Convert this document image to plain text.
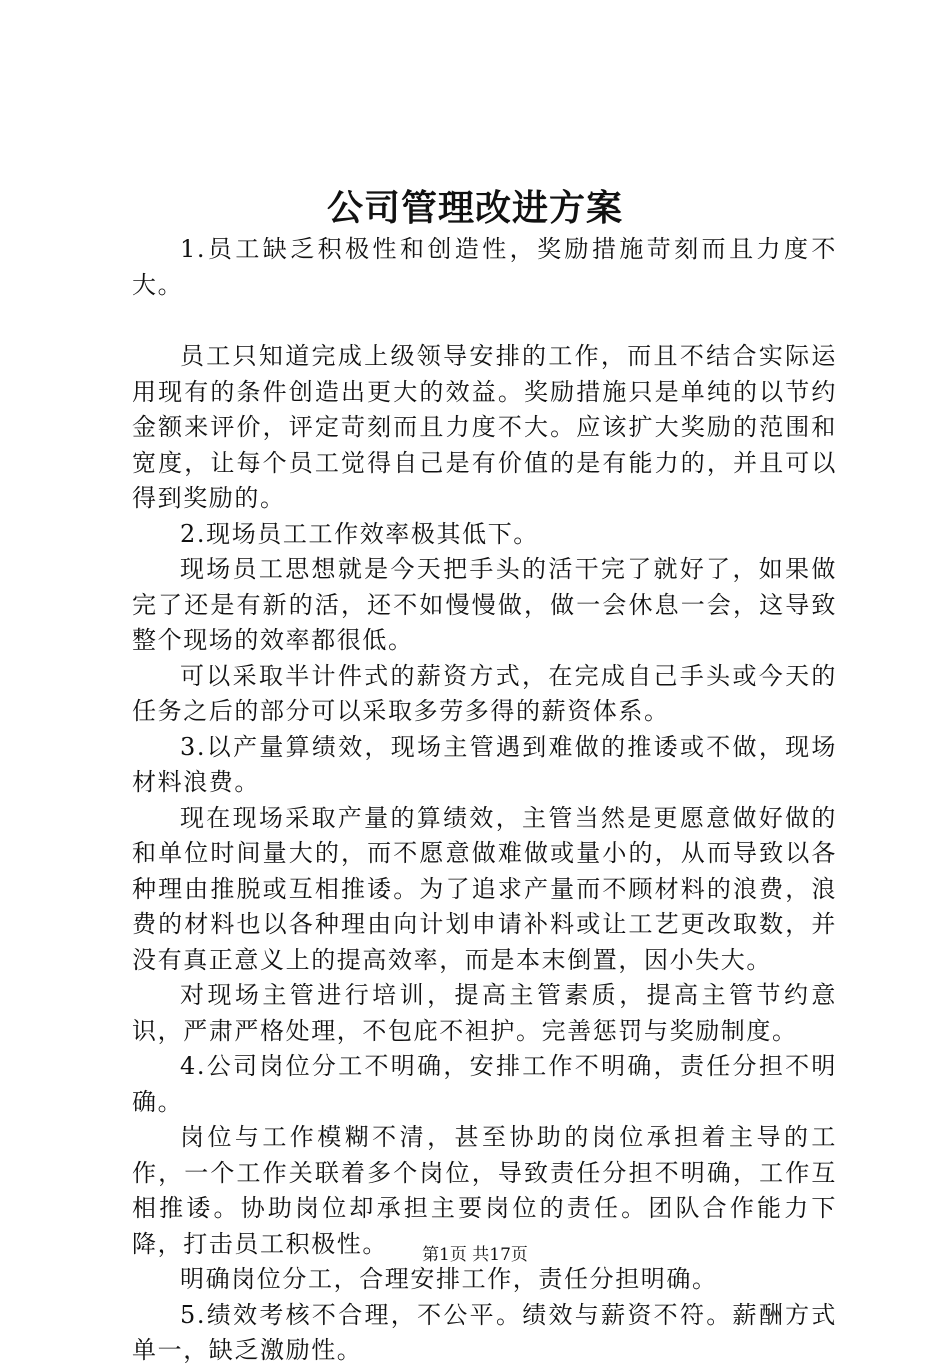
公司管理改进方案

1.员工缺乏积极性和创造性，奖励措施苛刻而且力度不大。

员工只知道完成上级领导安排的工作，而且不结合实际运用现有的条件创造出更大的效益。奖励措施只是单纯的以节约金额来评价，评定苛刻而且力度不大。应该扩大奖励的范围和宽度，让每个员工觉得自己是有价值的是有能力的，并且可以得到奖励的。

2.现场员工工作效率极其低下。

现场员工思想就是今天把手头的活干完了就好了，如果做完了还是有新的活，还不如慢慢做，做一会休息一会，这导致整个现场的效率都很低。

可以采取半计件式的薪资方式，在完成自己手头或今天的任务之后的部分可以采取多劳多得的薪资体系。

3.以产量算绩效，现场主管遇到难做的推诿或不做，现场材料浪费。

现在现场采取产量的算绩效，主管当然是更愿意做好做的和单位时间量大的，而不愿意做难做或量小的，从而导致以各种理由推脱或互相推诿。为了追求产量而不顾材料的浪费，浪费的材料也以各种理由向计划申请补料或让工艺更改取数，并没有真正意义上的提高效率，而是本末倒置，因小失大。

对现场主管进行培训，提高主管素质，提高主管节约意识，严肃严格处理，不包庇不袒护。完善惩罚与奖励制度。

4.公司岗位分工不明确，安排工作不明确，责任分担不明确。

岗位与工作模糊不清，甚至协助的岗位承担着主导的工作，一个工作关联着多个岗位，导致责任分担不明确，工作互相推诿。协助岗位却承担主要岗位的责任。团队合作能力下降，打击员工积极性。

明确岗位分工，合理安排工作，责任分担明确。

5.绩效考核不合理，不公平。绩效与薪资不符。薪酬方式单一，缺乏激励性。

第1页 共17页
